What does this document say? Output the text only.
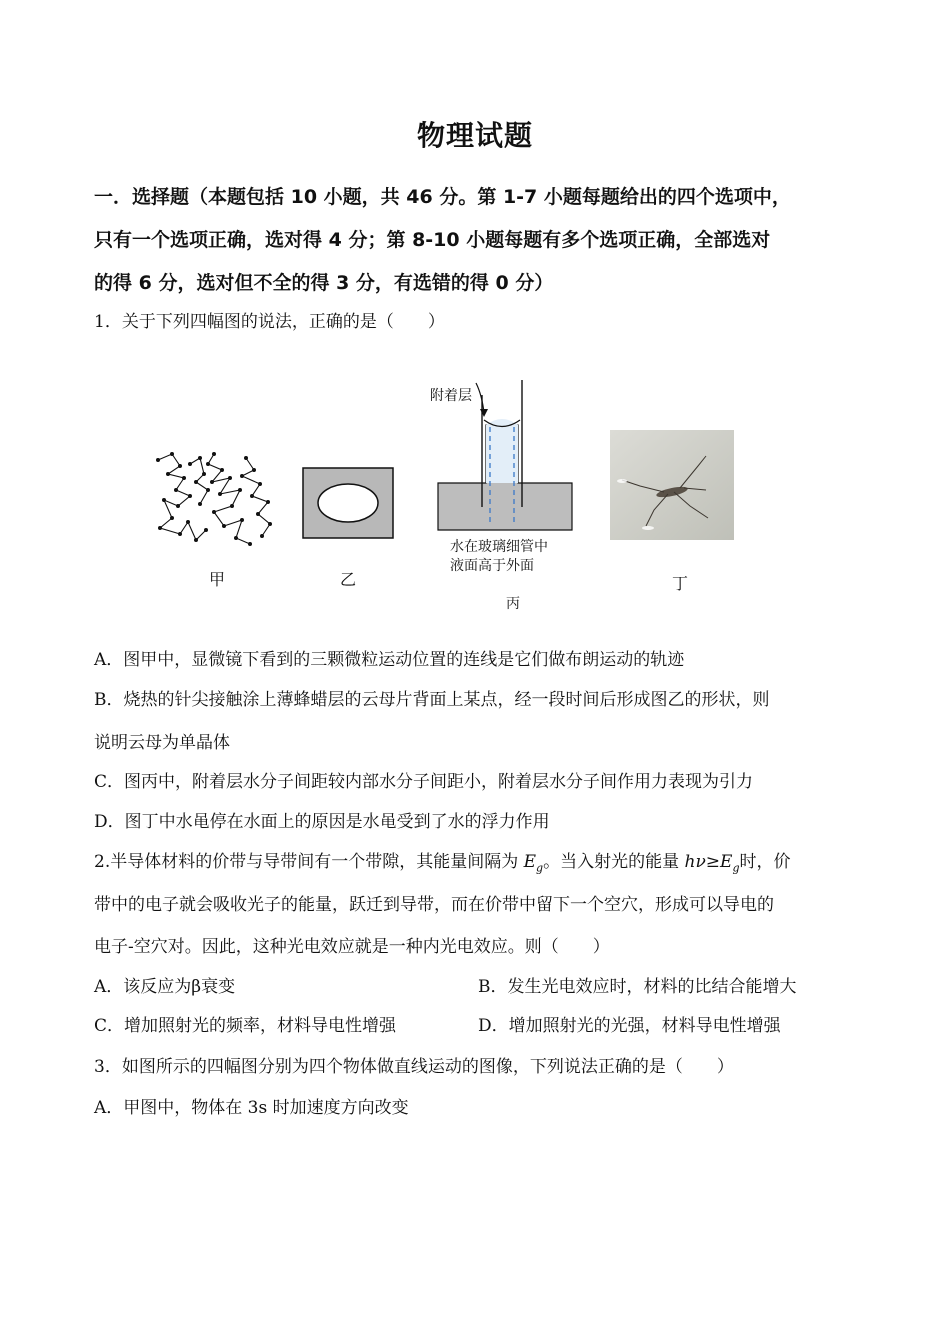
物理试题
一．选择题（本题包括 10 小题，共 46 分。第 1-7 小题每题给出的四个选项中，
只有一个选项正确，选对得 4 分；第 8-10 小题每题有多个选项正确，全部选对
的得 6 分，选对但不全的得 3 分，有选错的得 0 分）
1．关于下列四幅图的说法，正确的是（　　）
甲	乙
附着层
水在玻璃细管中
液面高于外面
丙
丁
A．图甲中，显微镜下看到的三颗微粒运动位置的连线是它们做布朗运动的轨迹
B．烧热的针尖接触涂上薄蜂蜡层的云母片背面上某点，经一段时间后形成图乙的形状，则
说明云母为单晶体
C．图丙中，附着层水分子间距较内部水分子间距小，附着层水分子间作用力表现为引力
D．图丁中水黾停在水面上的原因是水黾受到了水的浮力作用
2.半导体材料的价带与导带间有一个带隙，其能量间隔为 $E_g$。当入射光的能量 $h\nu\ge E_g$时，价
带中的电子就会吸收光子的能量，跃迁到导带，而在价带中留下一个空穴，形成可以导电的
电子-空穴对。因此，这种光电效应就是一种内光电效应。则（　　）
A．该反应为β衰变	B．发生光电效应时，材料的比结合能增大
C．增加照射光的频率，材料导电性增强	D．增加照射光的光强，材料导电性增强
3．如图所示的四幅图分别为四个物体做直线运动的图像，下列说法正确的是（　　）
A．甲图中，物体在 3s 时加速度方向改变
